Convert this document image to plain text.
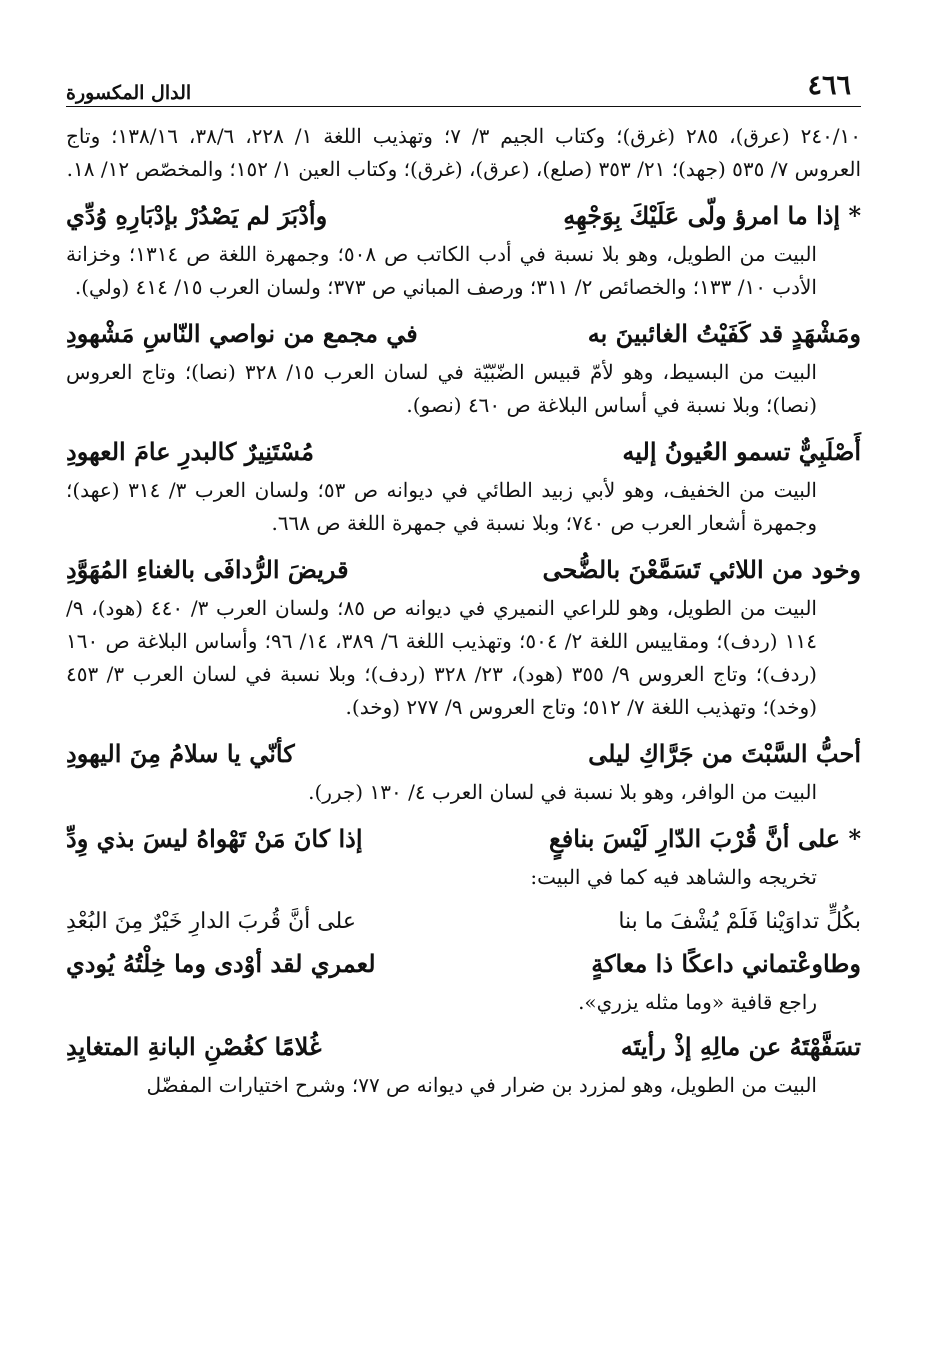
٤٦٦
الدال المكسورة

٢٤٠/١٠ (عرق)، ٢٨٥ (غرق)؛ وكتاب الجيم ٣/ ٧؛ وتهذيب اللغة ١/ ٢٢٨، ٣٨/٦، ١٣٨/١٦؛ وتاج العروس ٧/ ٥٣٥ (جهد)؛ ٢١/ ٣٥٣ (صلع)، (عرق)، (غرق)؛ وكتاب العين ١/ ١٥٢؛ والمخصّص ١٢/ ١٨.

* إذا ما امرؤ ولّى عَلَيْكَ بِوَجْهِهِ
وأدْبَرَ لم يَصْدُرْ بإدْبَارِهِ وُدِّي

البيت من الطويل، وهو بلا نسبة في أدب الكاتب ص ٥٠٨؛ وجمهرة اللغة ص ١٣١٤؛ وخزانة الأدب ١٠/ ١٣٣؛ والخصائص ٢/ ٣١١؛ ورصف المباني ص ٣٧٣؛ ولسان العرب ١٥/ ٤١٤ (ولي).

ومَشْهَدٍ قد كَفَيْتُ الغائبينَ به
في مجمع من نواصي النّاسِ مَشْهودِ

البيت من البسيط، وهو لأمّ قبيس الضّبّيّة في لسان العرب ١٥/ ٣٢٨ (نصا)؛ وتاج العروس (نصا)؛ وبلا نسبة في أساس البلاغة ص ٤٦٠ (نصو).

أَصْلَبِيٌّ تسمو العُيونُ إليه
مُسْتَنِيرٌ كالبدرِ عامَ العهودِ

البيت من الخفيف، وهو لأبي زبيد الطائي في ديوانه ص ٥٣؛ ولسان العرب ٣/ ٣١٤ (عهد)؛ وجمهرة أشعار العرب ص ٧٤٠؛ وبلا نسبة في جمهرة اللغة ص ٦٦٨.

وخود من اللائي تَسَمَّعْنَ بالضُّحى
قريضَ الرُّدافَى بالغناءِ المُهَوَّدِ

البيت من الطويل، وهو للراعي النميري في ديوانه ص ٨٥؛ ولسان العرب ٣/ ٤٤٠ (هود)، ٩/ ١١٤ (ردف)؛ ومقاييس اللغة ٢/ ٥٠٤؛ وتهذيب اللغة ٦/ ٣٨٩، ١٤/ ٩٦؛ وأساس البلاغة ص ١٦٠ (ردف)؛ وتاج العروس ٩/ ٣٥٥ (هود)، ٢٣/ ٣٢٨ (ردف)؛ وبلا نسبة في لسان العرب ٣/ ٤٥٣ (وخد)؛ وتهذيب اللغة ٧/ ٥١٢؛ وتاج العروس ٩/ ٢٧٧ (وخد).

أحبُّ السَّبْتَ من جَرَّاكِ ليلى
كأنّي يا سلامُ مِنَ اليهودِ

البيت من الوافر، وهو بلا نسبة في لسان العرب ٤/ ١٣٠ (جرر).

* على أنَّ قُرْبَ الدّارِ لَيْسَ بنافعٍ
إذا كانَ مَنْ تَهْواهُ ليسَ بذي وِدِّ

تخريجه والشاهد فيه كما في البيت:

بكُلٍّ تداوَيْنا فَلَمْ يُشْفَ ما بنا
على أنَّ قُربَ الدارِ خَيْرٌ مِنَ البُعْدِ
وطاوعْتماني داعكًا ذا معاكةٍ
لعمري لقد أوْدى وما خِلْتُهُ يُودي

راجع قافية «وما مثله يزري».

تسَفَّهْتَهُ عن مالِهِ إذْ رأيتَه
غُلامًا كغُصْنِ البانةِ المتغايِدِ

البيت من الطويل، وهو لمزرد بن ضرار في ديوانه ص ٧٧؛ وشرح اختيارات المفضّل
